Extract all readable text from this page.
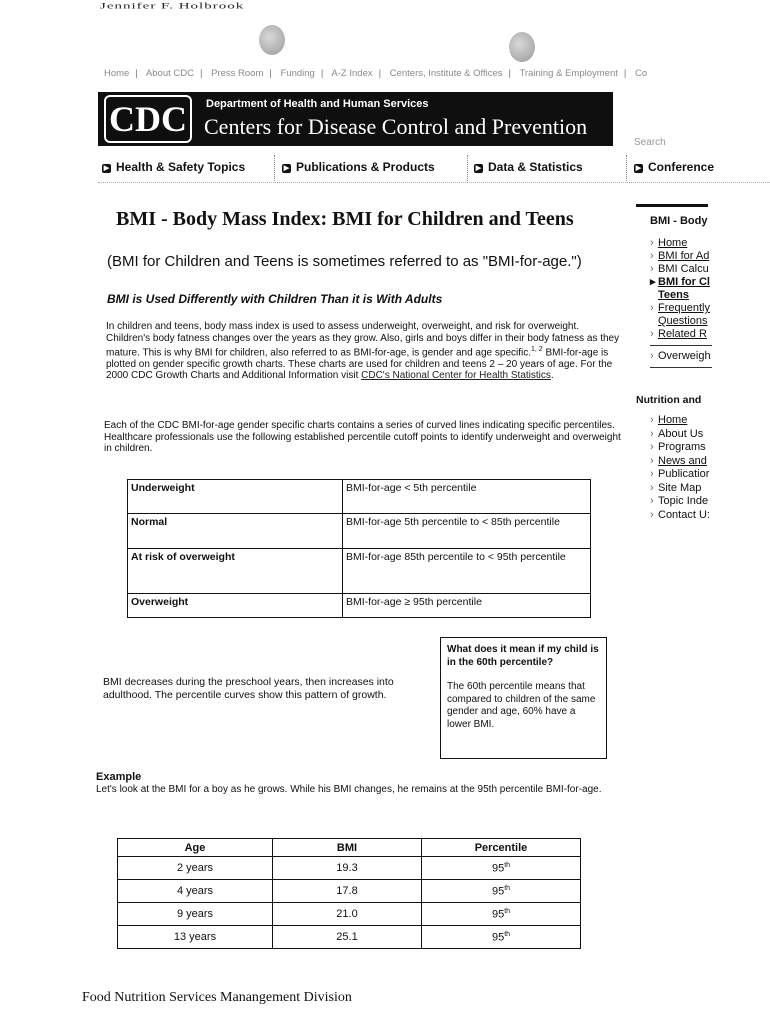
Jennifer F. Holbrook
Home | About CDC | Press Room | Funding | A-Z Index | Centers, Institute & Offices | Training & Employment | Co
CDC	Department of Health and Human Services
Centers for Disease Control and Prevention
Search
▶ Health & Safety Topics	▶ Publications & Products	▶ Data & Statistics	▶ Conference
BMI - Body Mass Index: BMI for Children and Teens
(BMI for Children and Teens is sometimes referred to as "BMI-for-age.")
BMI is Used Differently with Children Than it is With Adults
In children and teens, body mass index is used to assess underweight, overweight, and risk for overweight. Children's body fatness changes over the years as they grow. Also, girls and boys differ in their body fatness as they mature. This is why BMI for children, also referred to as BMI-for-age, is gender and age specific.$^{1, 2}$ BMI-for-age is plotted on gender specific growth charts. These charts are used for children and teens 2 – 20 years of age. For the 2000 CDC Growth Charts and Additional Information visit CDC's National Center for Health Statistics.
Each of the CDC BMI-for-age gender specific charts contains a series of curved lines indicating specific percentiles. Healthcare professionals use the following established percentile cutoff points to identify underweight and overweight in children.
Underweight	BMI-for-age < 5th percentile
Normal	BMI-for-age 5th percentile to < 85th percentile
At risk of overweight	BMI-for-age 85th percentile to < 95th percentile
Overweight	BMI-for-age ≥ 95th percentile
BMI decreases during the preschool years, then increases into adulthood. The percentile curves show this pattern of growth.
What does it mean if my child is in the 60th percentile?
The 60th percentile means that compared to children of the same gender and age, 60% have a lower BMI.
Example
Let's look at the BMI for a boy as he grows. While his BMI changes, he remains at the 95th percentile BMI-for-age.
Age	BMI	Percentile
2 years	19.3	95th
4 years	17.8	95th
9 years	21.0	95th
13 years	25.1	95th
Food Nutrition Services Manangement Division
BMI - Body
› Home
› BMI for Ad
› BMI Calcu
▸ BMI for Cl
Teens
› Frequently
Questions
› Related R
› Overweigh
Nutrition and
› Home
› About Us
› Programs
› News and
› Publicatior
› Site Map
› Topic Inde
› Contact U:
